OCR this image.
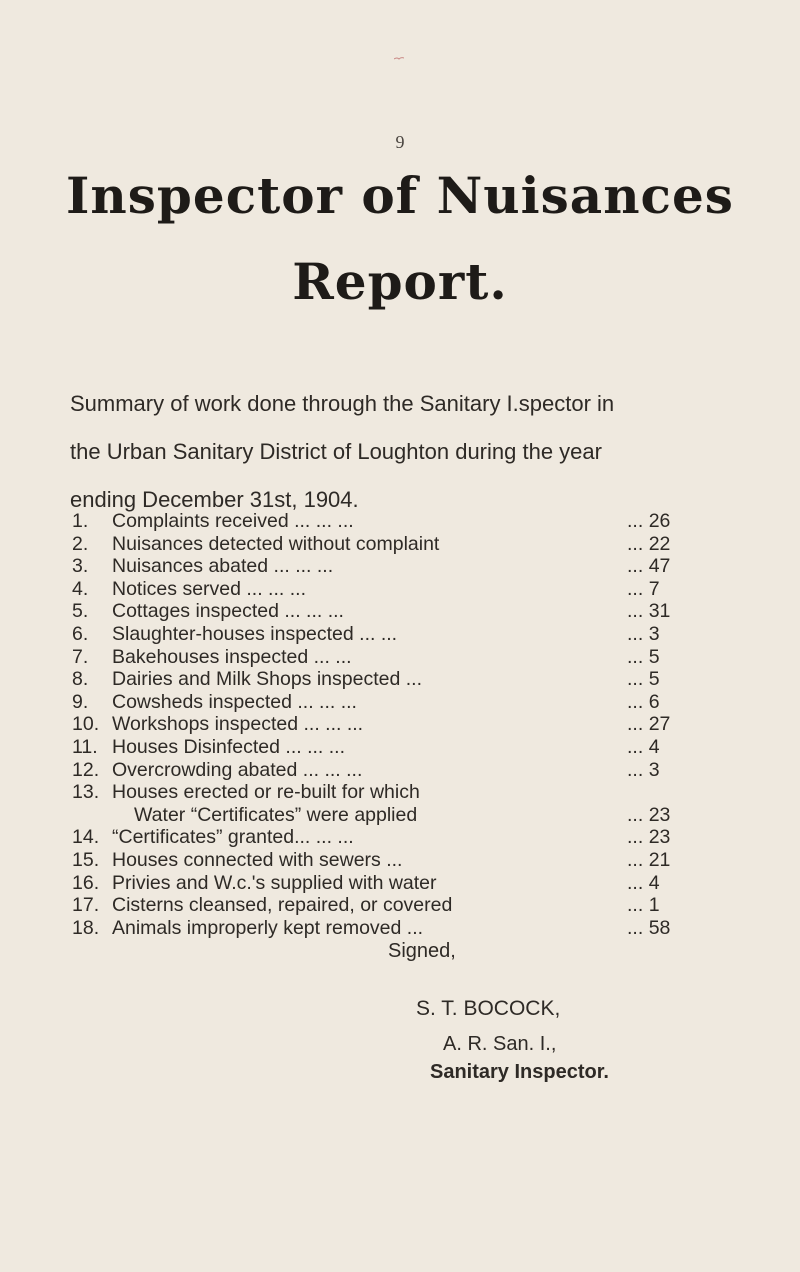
9
Inspector of Nuisances
Report.
Summary of work done through the Sanitary I.spector in
the Urban Sanitary District of Loughton during the year
ending December 31st, 1904.
1.	Complaints received ... ... ...	... 26
2.	Nuisances detected without complaint	... 22
3.	Nuisances abated ... ... ...	... 47
4.	Notices served ... ... ...	... 7
5.	Cottages inspected ... ... ...	... 31
6.	Slaughter-houses inspected ... ...	... 3
7.	Bakehouses inspected ... ...	... 5
8.	Dairies and Milk Shops inspected ...	... 5
9.	Cowsheds inspected ... ... ...	... 6
10. Workshops inspected ... ... ...	... 27
11. Houses Disinfected ... ... ...	... 4
12. Overcrowding abated ... ... ...	... 3
13. Houses erected or re-built for which
Water “Certificates” were applied	... 23
14. “Certificates” granted... ... ...	... 23
15. Houses connected with sewers ...	... 21
16. Privies and W.c.'s supplied with water	... 4
17. Cisterns cleansed, repaired, or covered	... 1
18. Animals improperly kept removed ...	... 58
Signed,
S. T. BOCOCK,
A. R. San. I.,
Sanitary Inspector.
